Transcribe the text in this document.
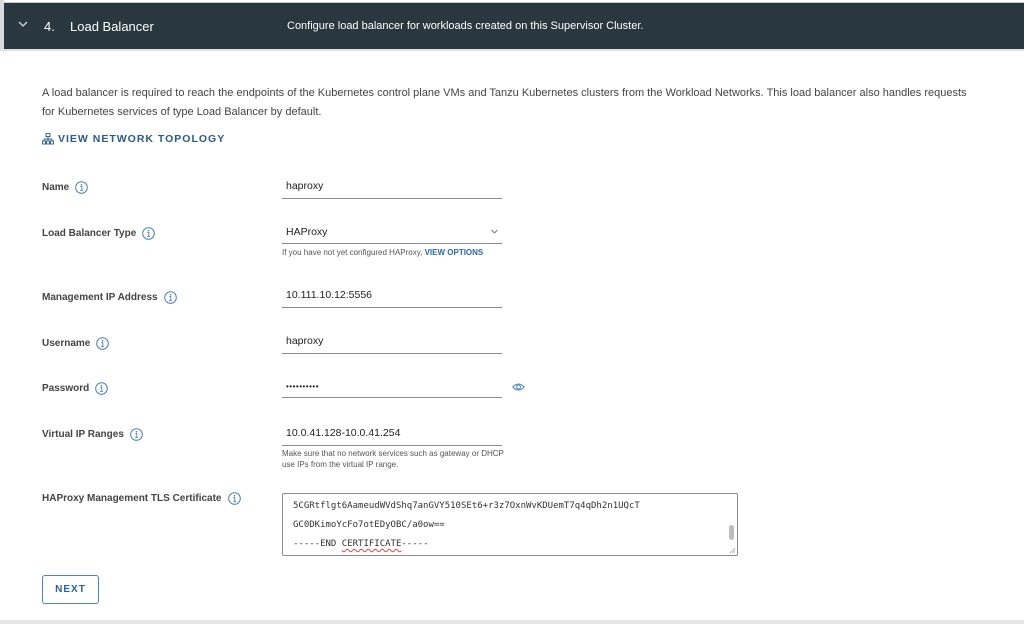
4. Load Balancer	Configure load balancer for workloads created on this Supervisor Cluster.

A load balancer is required to reach the endpoints of the Kubernetes control plane VMs and Tanzu Kubernetes clusters from the Workload Networks. This load balancer also handles requests for Kubernetes services of type Load Balancer by default.

VIEW NETWORK TOPOLOGY
Name	haproxy
Load Balancer Type	HAProxy
If you have not yet configured HAProxy, VIEW OPTIONS
Management IP Address	10.111.10.12:5556
Username	haproxy
Password	••••••••••
Virtual IP Ranges	10.0.41.128-10.0.41.254
Make sure that no network services such as gateway or DHCP use IPs from the virtual IP range.
HAProxy Management TLS Certificate
5CGRtflgt6AameudWVdShq7anGVY510SEt6+r3z7OxnWvKDUemT7q4qDh2n1UQcT
GC0DKimoYcFo7otEDyOBC/a0ow==
-----END CERTIFICATE-----
NEXT
